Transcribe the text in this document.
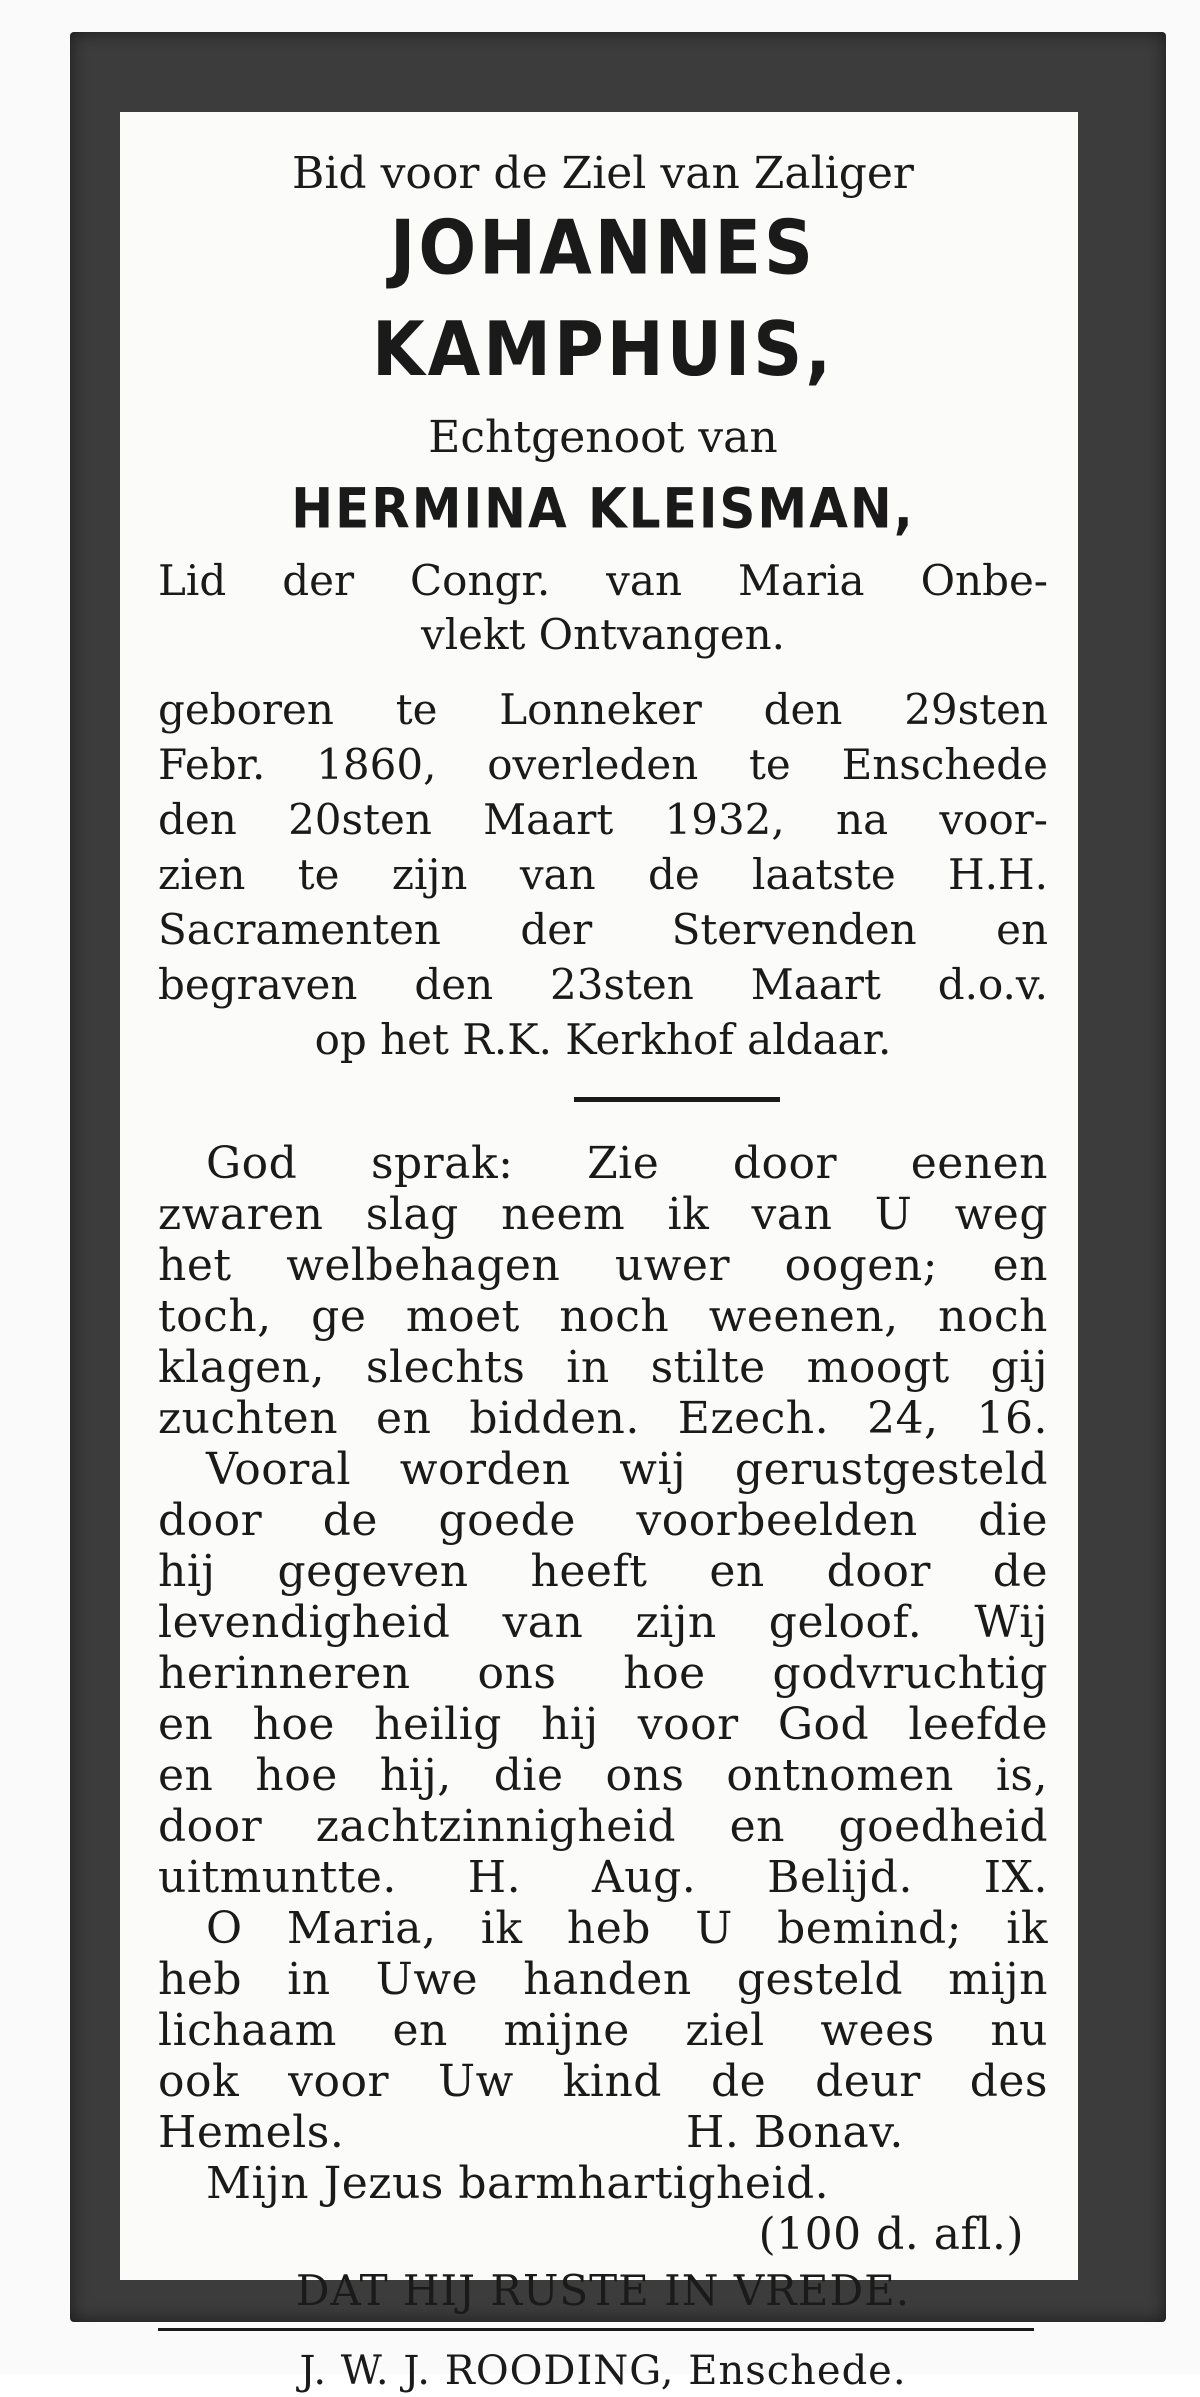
Bid voor de Ziel van Zaliger
JOHANNES KAMPHUIS,
Echtgenoot van
HERMINA KLEISMAN,
Lid der Congr. van Maria Onbe-
vlekt Ontvangen.
geboren te Lonneker den 29sten
Febr. 1860, overleden te Enschede
den 20sten Maart 1932, na voor-
zien te zijn van de laatste H.H.
Sacramenten der Stervenden en
begraven den 23sten Maart d.o.v.
op het R.K. Kerkhof aldaar.
God sprak: Zie door eenen
zwaren slag neem ik van U weg
het welbehagen uwer oogen; en
toch, ge moet noch weenen, noch
klagen, slechts in stilte moogt gij
zuchten en bidden. Ezech. 24, 16.
Vooral worden wij gerustgesteld
door de goede voorbeelden die
hij gegeven heeft en door de
levendigheid van zijn geloof. Wij
herinneren ons hoe godvruchtig
en hoe heilig hij voor God leefde
en hoe hij, die ons ontnomen is,
door zachtzinnigheid en goedheid
uitmuntte. H. Aug. Belijd. IX.
O Maria, ik heb U bemind; ik
heb in Uwe handen gesteld mijn
lichaam en mijne ziel wees nu
ook voor Uw kind de deur des
Hemels.	H. Bonav.
Mijn Jezus barmhartigheid.
(100 d. afl.)
DAT HIJ RUSTE IN VREDE.
J. W. J. ROODING, Enschede.
